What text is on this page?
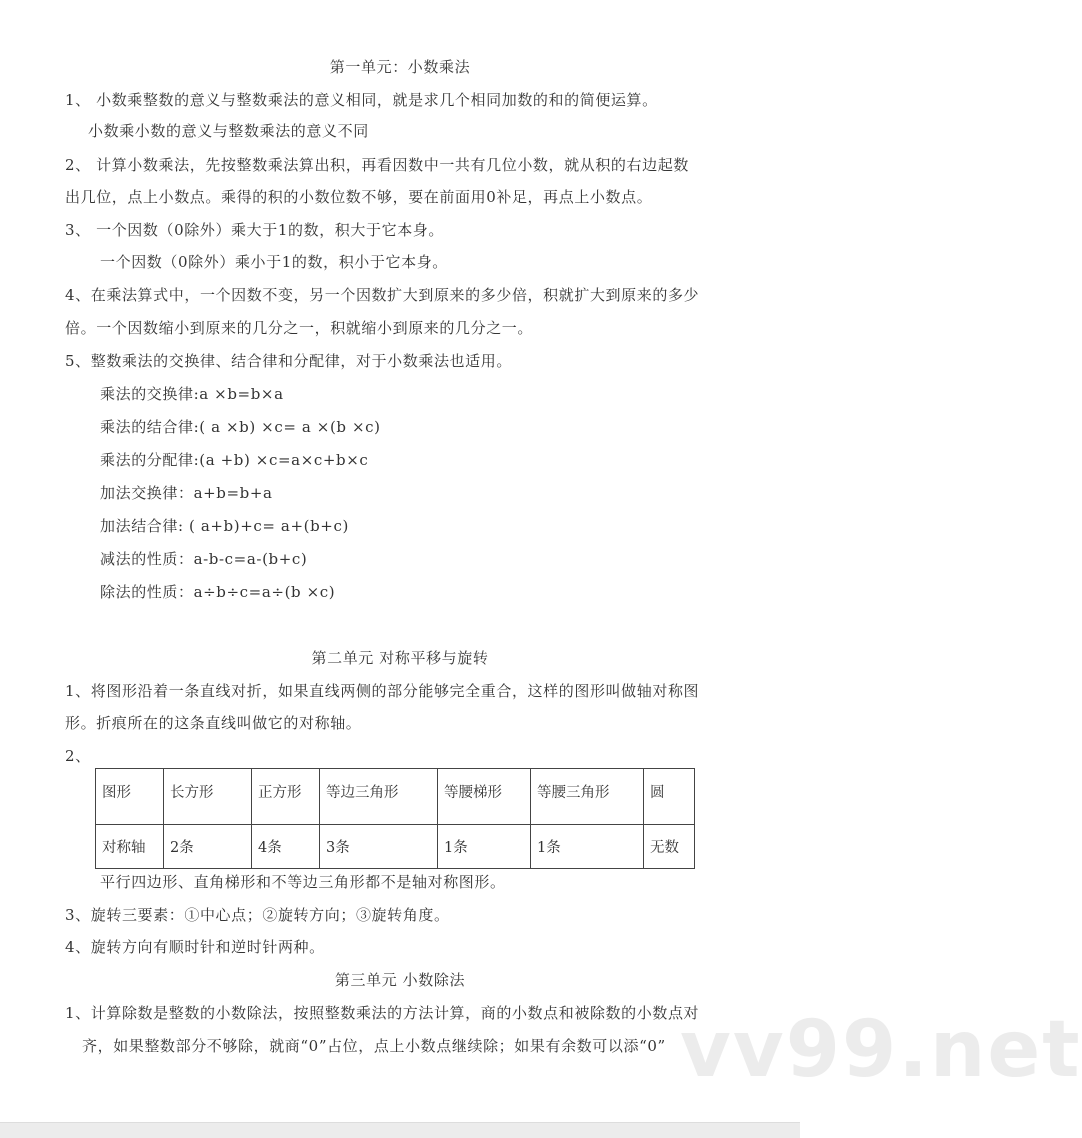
第一单元：小数乘法
1、 小数乘整数的意义与整数乘法的意义相同，就是求几个相同加数的和的简便运算。
小数乘小数的意义与整数乘法的意义不同
2、 计算小数乘法，先按整数乘法算出积，再看因数中一共有几位小数，就从积的右边起数
出几位，点上小数点。乘得的积的小数位数不够，要在前面用0补足，再点上小数点。
3、 一个因数（0除外）乘大于1的数，积大于它本身。
一个因数（0除外）乘小于1的数，积小于它本身。
4、在乘法算式中，一个因数不变，另一个因数扩大到原来的多少倍，积就扩大到原来的多少
倍。一个因数缩小到原来的几分之一，积就缩小到原来的几分之一。
5、整数乘法的交换律、结合律和分配律，对于小数乘法也适用。
乘法的交换律:a ×b=b×a
乘法的结合律:( a ×b) ×c= a ×(b ×c)
乘法的分配律:(a +b) ×c=a×c+b×c
加法交换律：a+b=b+a
加法结合律: ( a+b)+c= a+(b+c)
减法的性质：a-b-c=a-(b+c)
除法的性质：a÷b÷c=a÷(b ×c)
第二单元 对称平移与旋转
1、将图形沿着一条直线对折，如果直线两侧的部分能够完全重合，这样的图形叫做轴对称图
形。折痕所在的这条直线叫做它的对称轴。
2、
图形	长方形	正方形	等边三角形	等腰梯形	等腰三角形	圆
对称轴	2条	4条	3条	1条	1条	无数
平行四边形、直角梯形和不等边三角形都不是轴对称图形。
3、旋转三要素：①中心点；②旋转方向；③旋转角度。
4、旋转方向有顺时针和逆时针两种。
第三单元 小数除法
1、计算除数是整数的小数除法，按照整数乘法的方法计算，商的小数点和被除数的小数点对
齐，如果整数部分不够除，就商“0”占位，点上小数点继续除；如果有余数可以添“0” vv99.net
